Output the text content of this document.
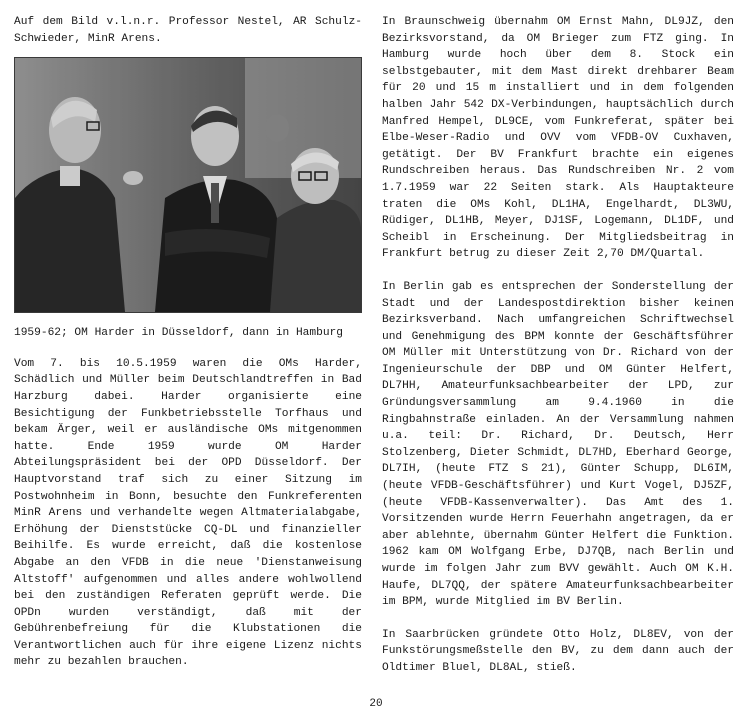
Auf dem Bild v.l.n.r. Professor Nestel, AR Schulz-Schwieder, MinR Arens.

1959-62; OM Harder in Düsseldorf, dann in Hamburg

Vom 7. bis 10.5.1959 waren die OMs Harder, Schädlich und Müller beim Deutschlandtreffen in Bad Harzburg dabei. Harder organisierte eine Besichtigung der Funkbetriebsstelle Torfhaus und bekam Ärger, weil er ausländische OMs mitgenommen hatte. Ende 1959 wurde OM Harder Abteilungspräsident bei der OPD Düsseldorf. Der Hauptvorstand traf sich zu einer Sitzung im Postwohnheim in Bonn, besuchte den Funkreferenten MinR Arens und verhandelte wegen Altmaterialabgabe, Erhöhung der Dienststücke CQ-DL und finanzieller Beihilfe. Es wurde erreicht, daß die kostenlose Abgabe an den VFDB in die neue 'Dienstanweisung Altstoff' aufgenommen und alles andere wohlwollend bei den zuständigen Referaten geprüft werde. Die OPDn wurden verständigt, daß mit der Gebührenbefreiung für die Klubstationen die Verantwortlichen auch für ihre eigene Lizenz nichts mehr zu bezahlen brauchen.

In Braunschweig übernahm OM Ernst Mahn, DL9JZ, den Bezirksvorstand, da OM Brieger zum FTZ ging. In Hamburg wurde hoch über dem 8. Stock ein selbstgebauter, mit dem Mast direkt drehbarer Beam für 20 und 15 m installiert und in dem folgenden halben Jahr 542 DX-Verbindungen, hauptsächlich durch Manfred Hempel, DL9CE, vom Funkreferat, später bei Elbe-Weser-Radio und OVV vom VFDB-OV Cuxhaven, getätigt. Der BV Frankfurt brachte ein eigenes Rundschreiben heraus. Das Rundschreiben Nr. 2 vom 1.7.1959 war 22 Seiten stark. Als Hauptakteure traten die OMs Kohl, DL1HA, Engelhardt, DL3WU, Rüdiger, DL1HB, Meyer, DJ1SF, Logemann, DL1DF, und Scheibl in Erscheinung. Der Mitgliedsbeitrag in Frankfurt betrug zu dieser Zeit 2,70 DM/Quartal.

In Berlin gab es entsprechen der Sonderstellung der Stadt und der Landespostdirektion bisher keinen Bezirksverband. Nach umfangreichen Schriftwechsel und Genehmigung des BPM konnte der Geschäftsführer OM Müller mit Unterstützung von Dr. Richard von der Ingenieurschule der DBP und OM Günter Helfert, DL7HH, Amateurfunksachbearbeiter der LPD, zur Gründungsversammlung am 9.4.1960 in die Ringbahnstraße einladen. An der Versammlung nahmen u.a. teil: Dr. Richard, Dr. Deutsch, Herr Stolzenberg, Dieter Schmidt, DL7HD, Eberhard George, DL7IH, (heute FTZ S 21), Günter Schupp, DL6IM, (heute VFDB-Geschäftsführer) und Kurt Vogel, DJ5ZF, (heute VFDB-Kassenverwalter). Das Amt des 1. Vorsitzenden wurde Herrn Feuerhahn angetragen, da er aber ablehnte, übernahm Günter Helfert die Funktion. 1962 kam OM Wolfgang Erbe, DJ7QB, nach Berlin und wurde im folgen Jahr zum BVV gewählt. Auch OM K.H. Haufe, DL7QQ, der spätere Amateurfunksachbearbeiter im BPM, wurde Mitglied im BV Berlin.

In Saarbrücken gründete Otto Holz, DL8EV, von der Funkstörungsmeßstelle den BV, zu dem dann auch der Oldtimer Bluel, DL8AL, stieß.

20
